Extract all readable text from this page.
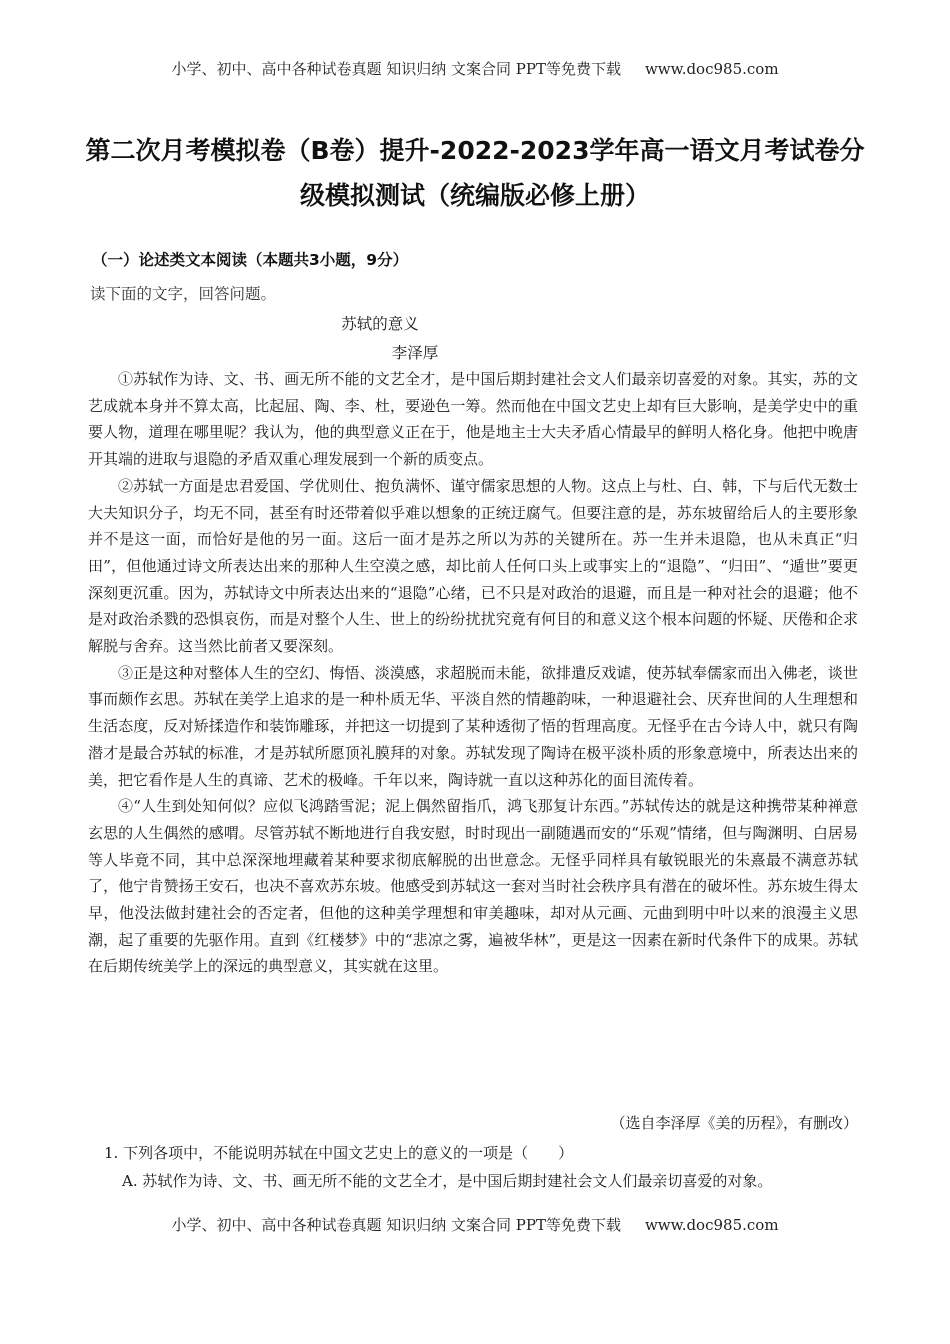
小学、初中、高中各种试卷真题 知识归纳 文案合同 PPT等免费下载 www.doc985.com
第二次月考模拟卷（B卷）提升-2022-2023学年高一语文月考试卷分
级模拟测试（统编版必修上册）
（一）论述类文本阅读（本题共3小题，9分）
读下面的文字，回答问题。
苏轼的意义
李泽厚

①苏轼作为诗、文、书、画无所不能的文艺全才，是中国后期封建社会文人们最亲切喜爱的对象。其实，苏的文艺成就本身并不算太高，比起屈、陶、李、杜，要逊色一筹。然而他在中国文艺史上却有巨大影响，是美学史中的重要人物，道理在哪里呢？我认为，他的典型意义正在于，他是地主士大夫矛盾心情最早的鲜明人格化身。他把中晚唐开其端的进取与退隐的矛盾双重心理发展到一个新的质变点。

②苏轼一方面是忠君爱国、学优则仕、抱负满怀、谨守儒家思想的人物。这点上与杜、白、韩，下与后代无数士大夫知识分子，均无不同，甚至有时还带着似乎难以想象的正统迂腐气。但要注意的是，苏东坡留给后人的主要形象并不是这一面，而恰好是他的另一面。这后一面才是苏之所以为苏的关键所在。苏一生并未退隐，也从未真正“归田”，但他通过诗文所表达出来的那种人生空漠之感，却比前人任何口头上或事实上的“退隐”、“归田”、“遁世”要更深刻更沉重。因为，苏轼诗文中所表达出来的“退隐”心绪，已不只是对政治的退避，而且是一种对社会的退避；他不是对政治杀戮的恐惧哀伤，而是对整个人生、世上的纷纷扰扰究竟有何目的和意义这个根本问题的怀疑、厌倦和企求解脱与舍弃。这当然比前者又要深刻。

③正是这种对整体人生的空幻、悔悟、淡漠感，求超脱而未能，欲排遣反戏谑，使苏轼奉儒家而出入佛老，谈世事而颇作玄思。苏轼在美学上追求的是一种朴质无华、平淡自然的情趣韵味，一种退避社会、厌弃世间的人生理想和生活态度，反对矫揉造作和装饰雕琢，并把这一切提到了某种透彻了悟的哲理高度。无怪乎在古今诗人中，就只有陶潜才是最合苏轼的标准，才是苏轼所愿顶礼膜拜的对象。苏轼发现了陶诗在极平淡朴质的形象意境中，所表达出来的美，把它看作是人生的真谛、艺术的极峰。千年以来，陶诗就一直以这种苏化的面目流传着。

④“人生到处知何似？应似飞鸿踏雪泥；泥上偶然留指爪，鸿飞那复计东西。”苏轼传达的就是这种携带某种禅意玄思的人生偶然的感喟。尽管苏轼不断地进行自我安慰，时时现出一副随遇而安的“乐观”情绪，但与陶渊明、白居易等人毕竟不同，其中总深深地埋藏着某种要求彻底解脱的出世意念。无怪乎同样具有敏锐眼光的朱熹最不满意苏轼了，他宁肯赞扬王安石，也决不喜欢苏东坡。他感受到苏轼这一套对当时社会秩序具有潜在的破坏性。苏东坡生得太早，他没法做封建社会的否定者，但他的这种美学理想和审美趣味，却对从元画、元曲到明中叶以来的浪漫主义思潮，起了重要的先驱作用。直到《红楼梦》中的“悲凉之雾，遍被华林”，更是这一因素在新时代条件下的成果。苏轼在后期传统美学上的深远的典型意义，其实就在这里。

（选自李泽厚《美的历程》，有删改）
1. 下列各项中，不能说明苏轼在中国文艺史上的意义的一项是（　　）
A. 苏轼作为诗、文、书、画无所不能的文艺全才，是中国后期封建社会文人们最亲切喜爱的对象。
小学、初中、高中各种试卷真题 知识归纳 文案合同 PPT等免费下载 www.doc985.com
